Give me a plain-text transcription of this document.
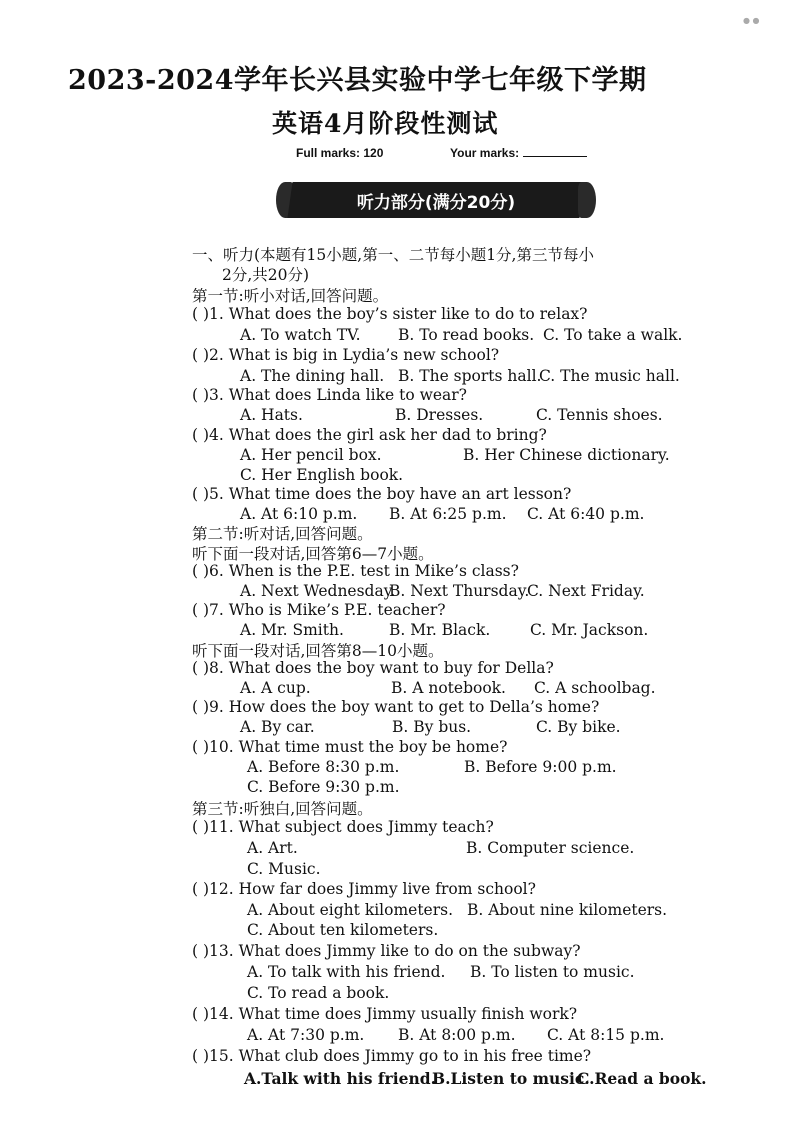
● ●
2023-2024学年长兴县实验中学七年级下学期
英语4月阶段性测试
Full marks: 120	Your marks:
听力部分(满分20分)
一、听力(本题有15小题,第一、二节每小题1分,第三节每小
2分,共20分)
第一节:听小对话,回答问题。
( )1. What does the boy’s sister like to do to relax?
A. To watch TV. B. To read books. C. To take a walk.
( )2. What is big in Lydia’s new school?
A. The dining hall. B. The sports hall.
C. The music hall.
( )3. What does Linda like to wear?
A. Hats.	B. Dresses.	C. Tennis shoes.
( )4. What does the girl ask her dad to bring?
A. Her pencil box.	B. Her Chinese dictionary.
C. Her English book.
( )5. What time does the boy have an art lesson?
A. At 6:10 p.m. B. At 6:25 p.m. C. At 6:40 p.m.
第二节:听对话,回答问题。
听下面一段对话,回答第6—7小题。
( )6. When is the P.E. test in Mike’s class?
A. Next Wednesday.
B. Next Thursday.
C. Next Friday.
( )7. Who is Mike’s P.E. teacher?
A. Mr. Smith.	B. Mr. Black.	C. Mr. Jackson.
听下面一段对话,回答第8—10小题。
( )8. What does the boy want to buy for Della?
A. A cup.	B. A notebook. C. A schoolbag.
( )9. How does the boy want to get to Della’s home?
A. By car.	B. By bus.	C. By bike.
( )10. What time must the boy be home?
A. Before 8:30 p.m.	B. Before 9:00 p.m.
C. Before 9:30 p.m.
第三节:听独白,回答问题。
( )11. What subject does Jimmy teach?
A. Art.	B. Computer science.
C. Music.
( )12. How far does Jimmy live from school?
A. About eight kilometers. B. About nine kilometers.
C. About ten kilometers.
( )13. What does Jimmy like to do on the subway?
A. To talk with his friend. B. To listen to music.
C. To read a book.
( )14. What time does Jimmy usually finish work?
A. At 7:30 p.m. B. At 8:00 p.m. C. At 8:15 p.m.
( )15. What club does Jimmy go to in his free time?
A.Talk with his friend.
B.Listen to music.
C.Read a book.
